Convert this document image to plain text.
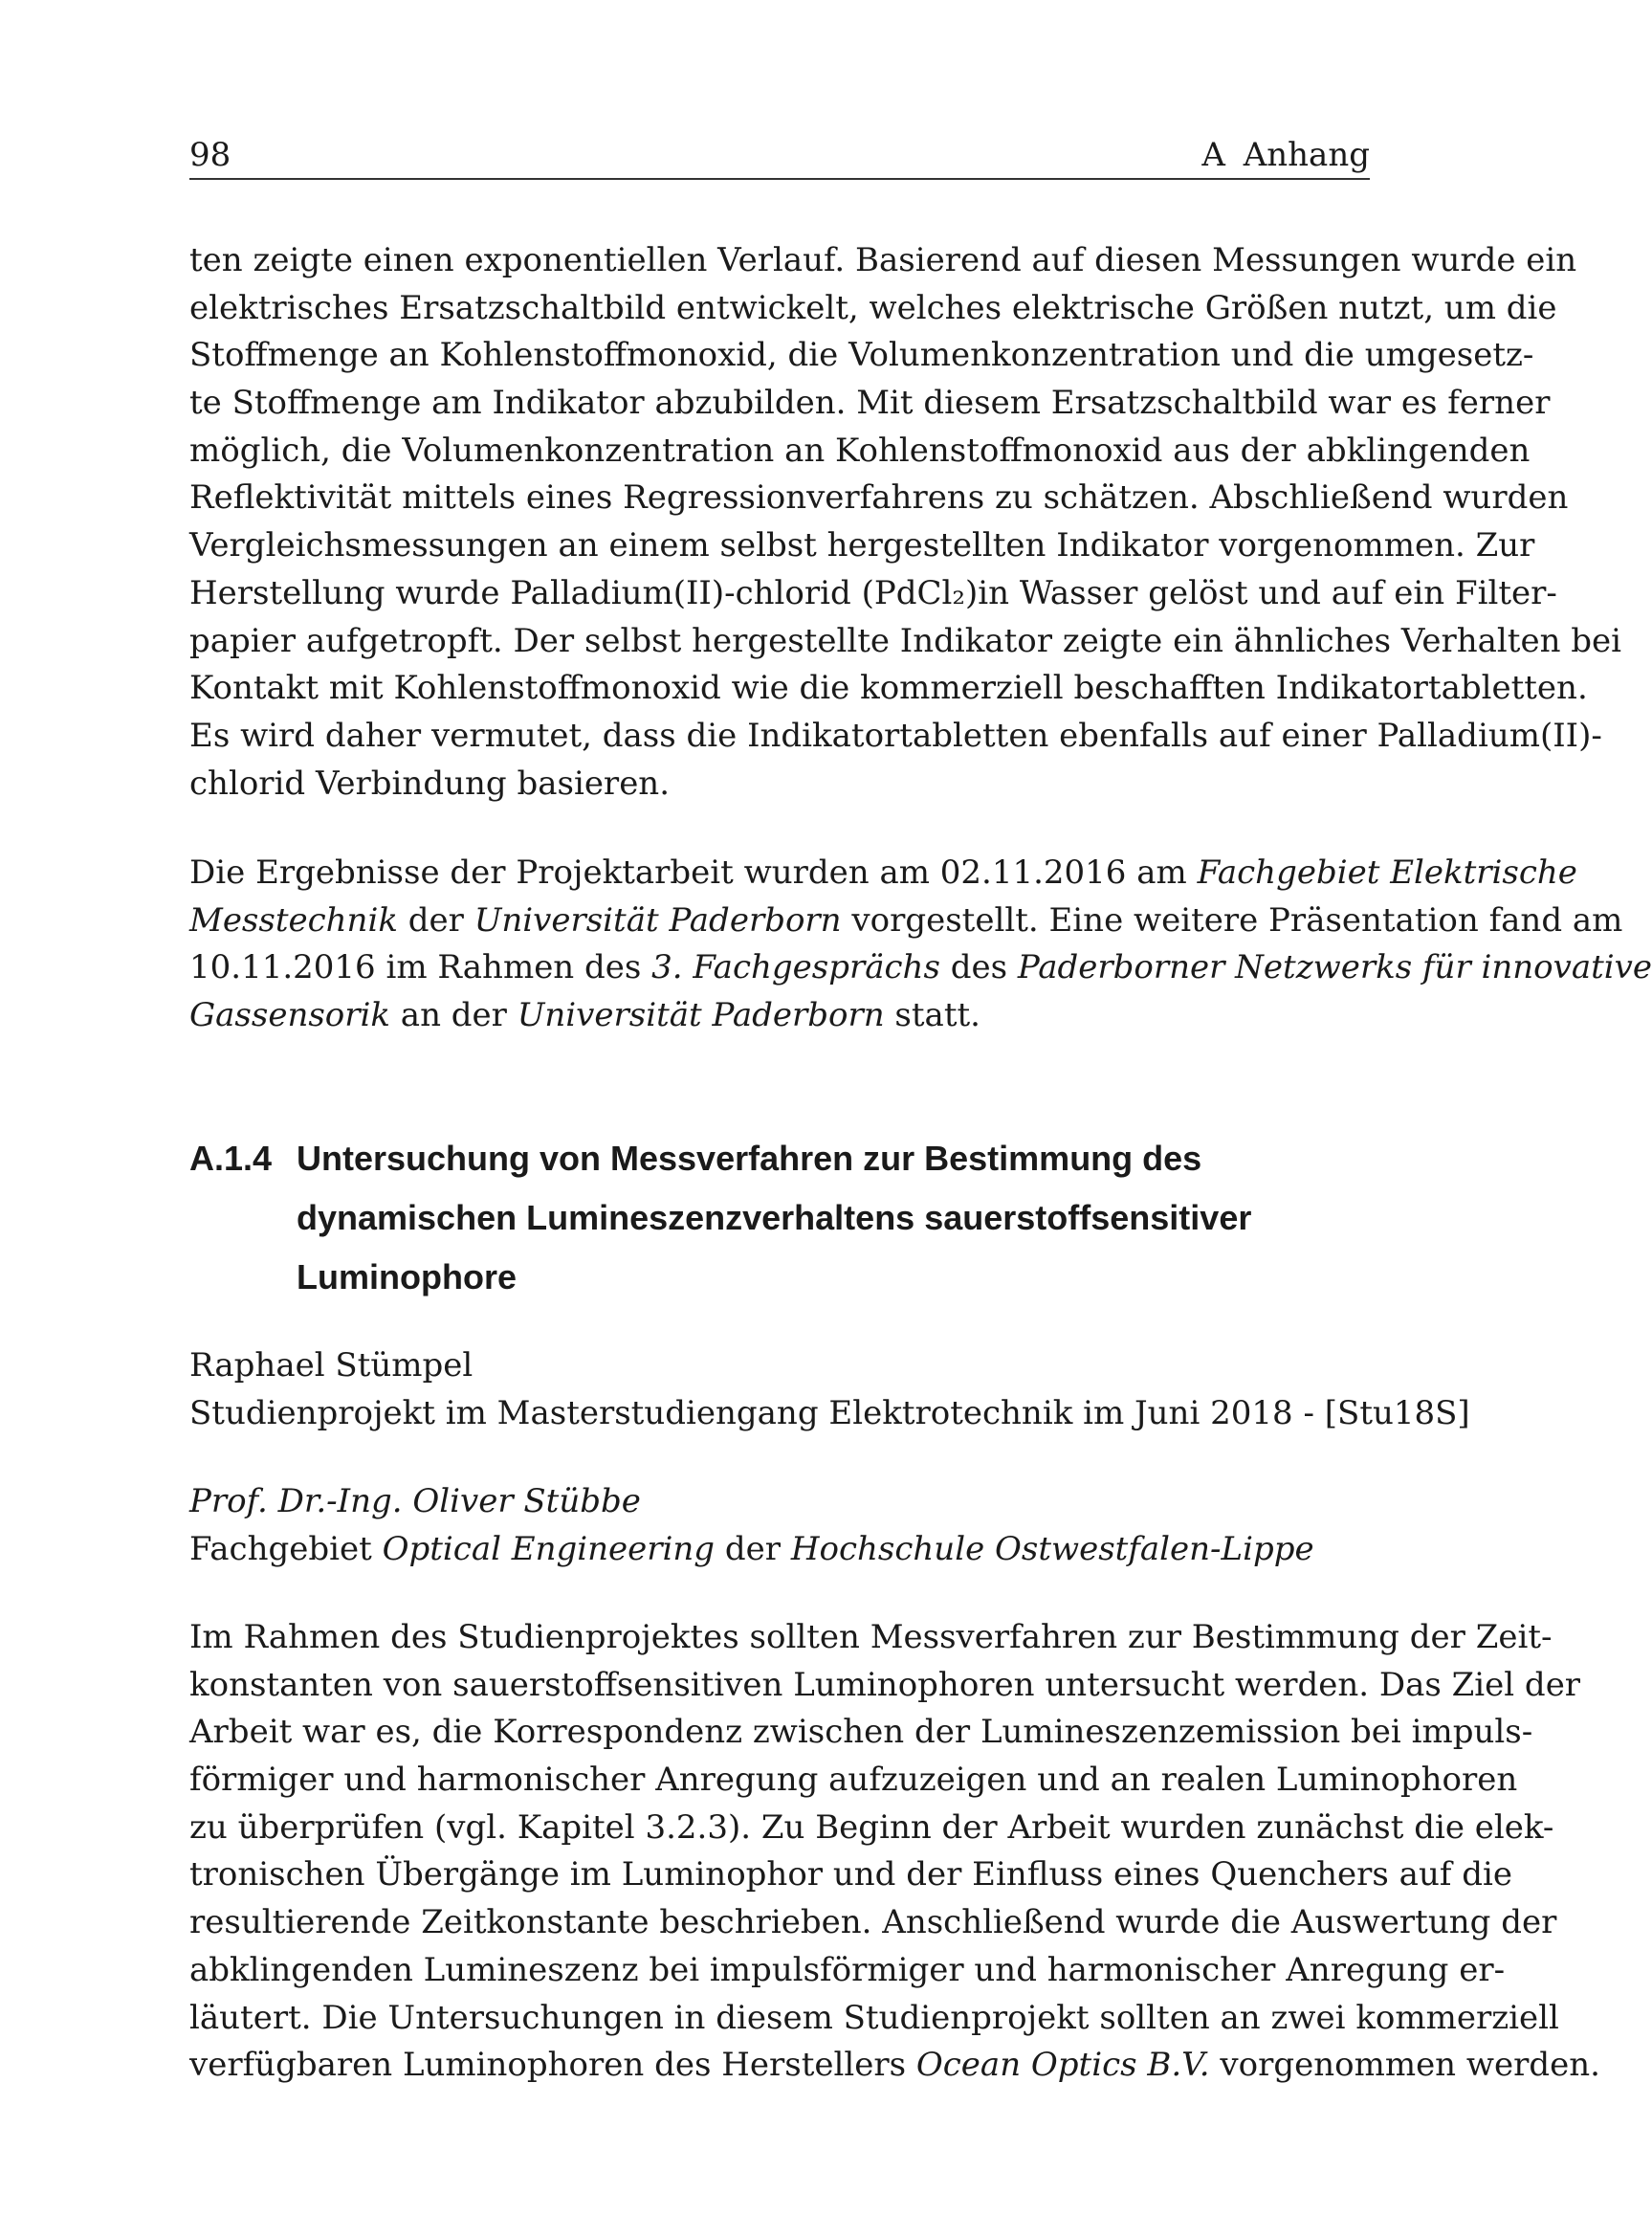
98	A Anhang
ten zeigte einen exponentiellen Verlauf. Basierend auf diesen Messungen wurde ein
elektrisches Ersatzschaltbild entwickelt, welches elektrische Größen nutzt, um die
Stoffmenge an Kohlenstoffmonoxid, die Volumenkonzentration und die umgesetz-
te Stoffmenge am Indikator abzubilden. Mit diesem Ersatzschaltbild war es ferner
möglich, die Volumenkonzentration an Kohlenstoffmonoxid aus der abklingenden
Reflektivität mittels eines Regressionverfahrens zu schätzen. Abschließend wurden
Vergleichsmessungen an einem selbst hergestellten Indikator vorgenommen. Zur
Herstellung wurde Palladium(II)-chlorid (PdCl₂)in Wasser gelöst und auf ein Filter-
papier aufgetropft. Der selbst hergestellte Indikator zeigte ein ähnliches Verhalten bei
Kontakt mit Kohlenstoffmonoxid wie die kommerziell beschafften Indikatortabletten.
Es wird daher vermutet, dass die Indikatortabletten ebenfalls auf einer Palladium(II)-
chlorid Verbindung basieren.
Die Ergebnisse der Projektarbeit wurden am 02.11.2016 am Fachgebiet Elektrische
Messtechnik der Universität Paderborn vorgestellt. Eine weitere Präsentation fand am
10.11.2016 im Rahmen des 3. Fachgesprächs des Paderborner Netzwerks für innovative
Gassensorik an der Universität Paderborn statt.
A.1.4 Untersuchung von Messverfahren zur Bestimmung des
dynamischen Lumineszenzverhaltens sauerstoffsensitiver
Luminophore
Raphael Stümpel
Studienprojekt im Masterstudiengang Elektrotechnik im Juni 2018 - [Stu18S]
Prof. Dr.-Ing. Oliver Stübbe
Fachgebiet Optical Engineering der Hochschule Ostwestfalen-Lippe
Im Rahmen des Studienprojektes sollten Messverfahren zur Bestimmung der Zeit-
konstanten von sauerstoffsensitiven Luminophoren untersucht werden. Das Ziel der
Arbeit war es, die Korrespondenz zwischen der Lumineszenzemission bei impuls-
förmiger und harmonischer Anregung aufzuzeigen und an realen Luminophoren
zu überprüfen (vgl. Kapitel 3.2.3). Zu Beginn der Arbeit wurden zunächst die elek-
tronischen Übergänge im Luminophor und der Einfluss eines Quenchers auf die
resultierende Zeitkonstante beschrieben. Anschließend wurde die Auswertung der
abklingenden Lumineszenz bei impulsförmiger und harmonischer Anregung er-
läutert. Die Untersuchungen in diesem Studienprojekt sollten an zwei kommerziell
verfügbaren Luminophoren des Herstellers Ocean Optics B.V. vorgenommen werden.
